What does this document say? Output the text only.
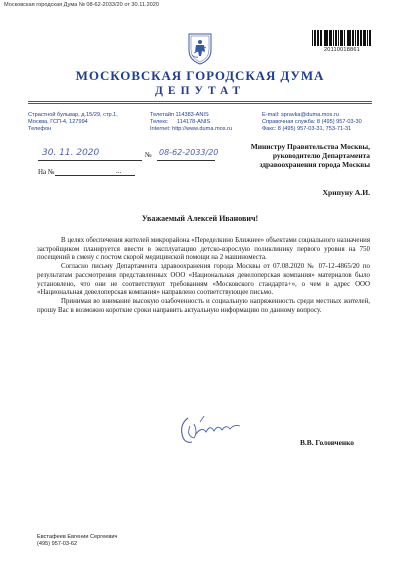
Московская городская Дума № 08-62-2033/20 от 30.11.2020
20110018861
МОСКОВСКАЯ ГОРОДСКАЯ ДУМА
ДЕПУТАТ
Страстной бульвар, д.15/29, стр.1,
Москва, ГСП-4, 127994
Телефон
Телетайп 114383-ANIS
Телекс      114178-ANIS
Internet: http://www.duma.mos.ru
E-mail: spravka@duma.mos.ru
Справочная служба: 8 (495) 957-03-30
Факс: 8 (495) 957-03-31, 753-71-31
30. 11. 2020	№ 08-62-2033/20
На №	...
Министру Правительства Москвы,
руководителю Департамента
здравоохранения города Москвы
Хрипуну А.И.
Уважаемый Алексей Иванович!

В целях обеспечения жителей микрорайона «Переделкино Ближнее» объектами социального назначения застройщиком планируется ввести в эксплуатацию детско-взрослую поликлинику первого уровня на 750 посещений в смену с постом скорой медицинской помощи на 2 машиноместа.

Согласно письму Департамента здравоохранения города Москвы от 07.08.2020 № 07-12-4865/20 по результатам рассмотрения представленных ООО «Национальная девелоперская компания» материалов было установлено, что они не соответствуют требованиям «Московского стандарта+», о чем в адрес ООО «Национальная девелоперская компания» направлено соответствующее письмо.

Принимая во внимание высокую озабоченность и социальную напряженность среди местных жителей, прошу Вас в возможно короткие сроки направить актуальную информацию по данному вопросу.

В.В. Головченко
Евстафеев Евгении Сергеевич
(495) 957-03-62
